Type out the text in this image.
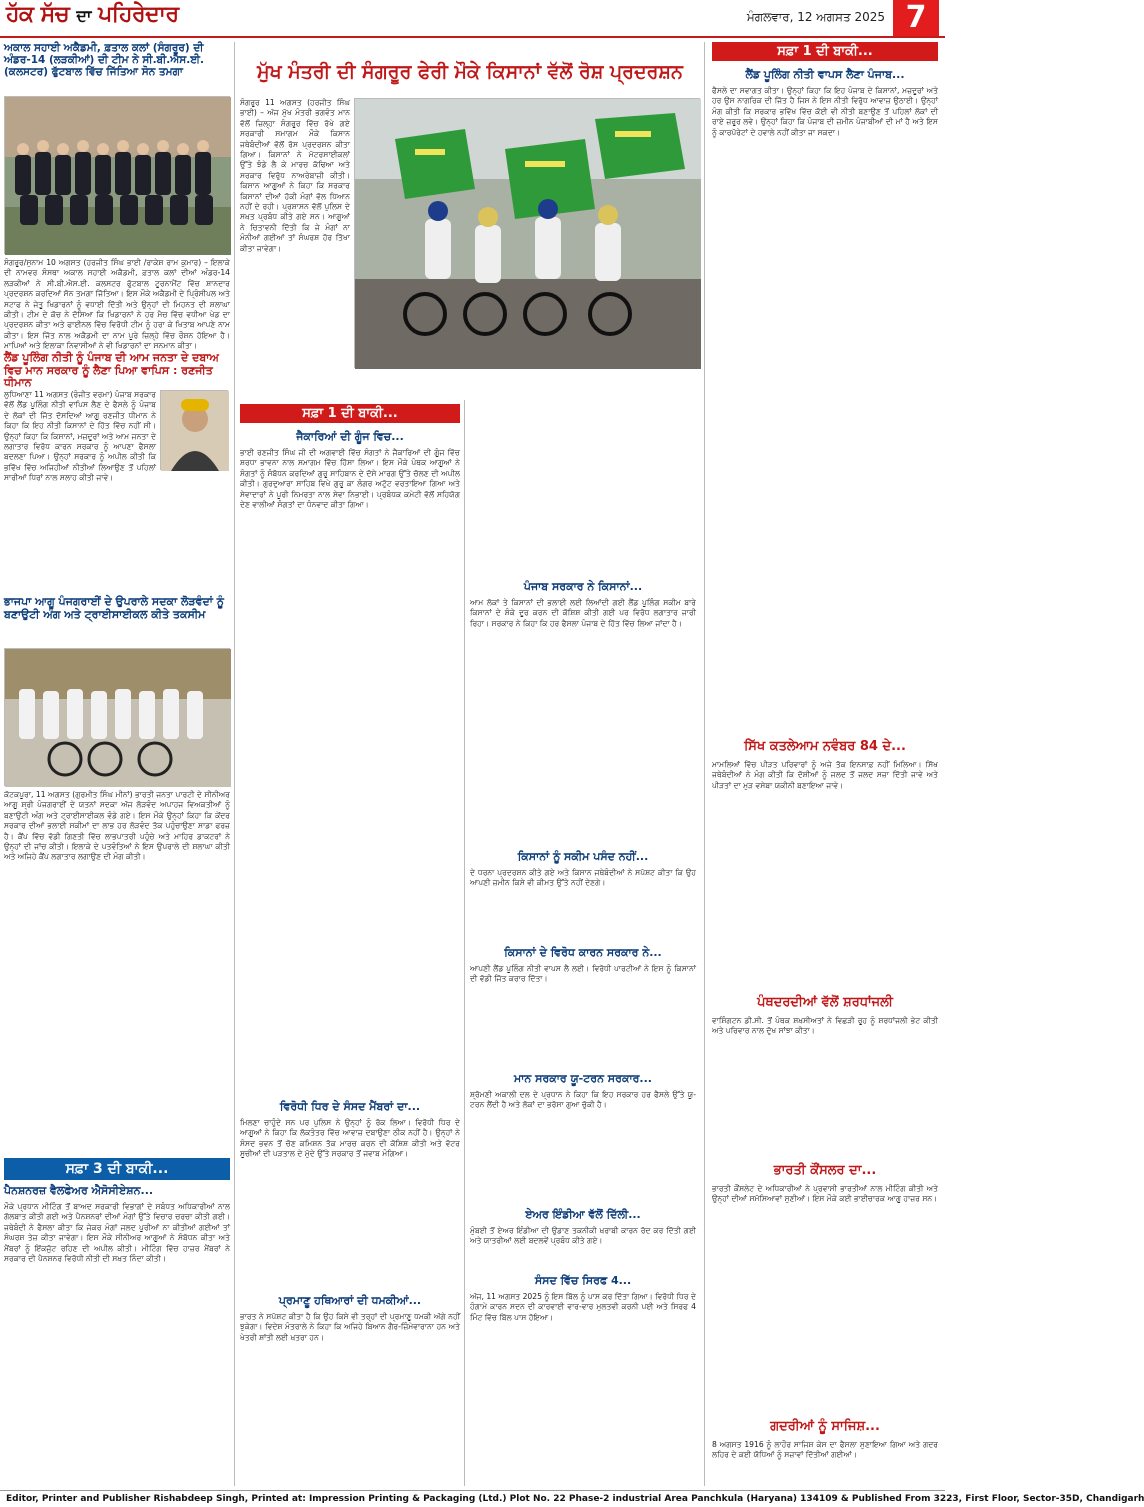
ਹੱਕ ਸੱਚ ਦਾ ਪਹਿਰੇਦਾਰ	ਮੰਗਲਵਾਰ, 12 ਅਗਸਤ 2025 7
ਅਕਾਲ ਸਹਾਈ ਅਕੈਡਮੀ, ਫ਼ਤਾਲ ਕਲਾਂ (ਸੰਗਰੂਰ) ਦੀ ਅੰਡਰ-14 (ਲੜਕੀਆਂ) ਦੀ ਟੀਮ ਨੇ ਸੀ.ਬੀ.ਐਸ.ਈ. (ਕਲਸਟਰ) ਫੁੱਟਬਾਲ ਵਿੱਚ ਜਿੱਤਿਆ ਸੋਨ ਤਮਗਾ
ਸੰਗਰੂਰ/ਸੁਨਾਮ 10 ਅਗਸਤ (ਹਰਜੀਤ ਸਿੰਘ ਭਾਈ /ਰਾਕੇਸ਼ ਰਾਮ ਕੁਮਾਰ) – ਇਲਾਕੇ ਦੀ ਨਾਮਵਰ ਸੰਸਥਾ ਅਕਾਲ ਸਹਾਈ ਅਕੈਡਮੀ, ਫ਼ਤਾਲ ਕਲਾਂ ਦੀਆਂ ਅੰਡਰ-14 ਲੜਕੀਆਂ ਨੇ ਸੀ.ਬੀ.ਐਸ.ਈ. ਕਲਸਟਰ ਫੁੱਟਬਾਲ ਟੂਰਨਾਮੈਂਟ ਵਿੱਚ ਸ਼ਾਨਦਾਰ ਪ੍ਰਦਰਸ਼ਨ ਕਰਦਿਆਂ ਸੋਨ ਤਮਗਾ ਜਿੱਤਿਆ। ਇਸ ਮੌਕੇ ਅਕੈਡਮੀ ਦੇ ਪ੍ਰਿੰਸੀਪਲ ਅਤੇ ਸਟਾਫ ਨੇ ਜੇਤੂ ਖਿਡਾਰਨਾਂ ਨੂੰ ਵਧਾਈ ਦਿੱਤੀ ਅਤੇ ਉਨ੍ਹਾਂ ਦੀ ਮਿਹਨਤ ਦੀ ਸ਼ਲਾਘਾ ਕੀਤੀ। ਟੀਮ ਦੇ ਕੋਚ ਨੇ ਦੱਸਿਆ ਕਿ ਖਿਡਾਰਨਾਂ ਨੇ ਹਰ ਮੈਚ ਵਿੱਚ ਵਧੀਆ ਖੇਡ ਦਾ ਪ੍ਰਦਰਸ਼ਨ ਕੀਤਾ ਅਤੇ ਫਾਈਨਲ ਵਿੱਚ ਵਿਰੋਧੀ ਟੀਮ ਨੂੰ ਹਰਾ ਕੇ ਖਿਤਾਬ ਆਪਣੇ ਨਾਮ ਕੀਤਾ। ਇਸ ਜਿੱਤ ਨਾਲ ਅਕੈਡਮੀ ਦਾ ਨਾਮ ਪੂਰੇ ਜ਼ਿਲ੍ਹੇ ਵਿੱਚ ਰੌਸ਼ਨ ਹੋਇਆ ਹੈ। ਮਾਪਿਆਂ ਅਤੇ ਇਲਾਕਾ ਨਿਵਾਸੀਆਂ ਨੇ ਵੀ ਖਿਡਾਰਨਾਂ ਦਾ ਸਨਮਾਨ ਕੀਤਾ।
ਲੈਂਡ ਪੂਲਿੰਗ ਨੀਤੀ ਨੂੰ ਪੰਜਾਬ ਦੀ ਆਮ ਜਨਤਾ ਦੇ ਦਬਾਅ ਵਿਚ ਮਾਨ ਸਰਕਾਰ ਨੂੰ ਲੈਣਾ ਪਿਆ ਵਾਪਿਸ : ਰਣਜੀਤ ਧੀਮਾਨ
ਲੁਧਿਆਣਾ 11 ਅਗਸਤ (ਰੰਜੀਤ ਵਰਮਾ) ਪੰਜਾਬ ਸਰਕਾਰ ਵੱਲੋਂ ਲੈਂਡ ਪੂਲਿੰਗ ਨੀਤੀ ਵਾਪਿਸ ਲੈਣ ਦੇ ਫੈਸਲੇ ਨੂੰ ਪੰਜਾਬ ਦੇ ਲੋਕਾਂ ਦੀ ਜਿੱਤ ਦੱਸਦਿਆਂ ਆਗੂ ਰਣਜੀਤ ਧੀਮਾਨ ਨੇ ਕਿਹਾ ਕਿ ਇਹ ਨੀਤੀ ਕਿਸਾਨਾਂ ਦੇ ਹਿੱਤ ਵਿੱਚ ਨਹੀਂ ਸੀ। ਉਨ੍ਹਾਂ ਕਿਹਾ ਕਿ ਕਿਸਾਨਾਂ, ਮਜ਼ਦੂਰਾਂ ਅਤੇ ਆਮ ਜਨਤਾ ਦੇ ਲਗਾਤਾਰ ਵਿਰੋਧ ਕਾਰਨ ਸਰਕਾਰ ਨੂੰ ਆਪਣਾ ਫੈਸਲਾ ਬਦਲਣਾ ਪਿਆ। ਉਨ੍ਹਾਂ ਸਰਕਾਰ ਨੂੰ ਅਪੀਲ ਕੀਤੀ ਕਿ ਭਵਿੱਖ ਵਿੱਚ ਅਜਿਹੀਆਂ ਨੀਤੀਆਂ ਲਿਆਉਣ ਤੋਂ ਪਹਿਲਾਂ ਸਾਰੀਆਂ ਧਿਰਾਂ ਨਾਲ ਸਲਾਹ ਕੀਤੀ ਜਾਵੇ।
ਭਾਜਪਾ ਆਗੂ ਪੰਜਗਰਾਈਂ ਦੇ ਉਪਰਾਲੇ ਸਦਕਾ ਲੋੜਵੰਦਾਂ ਨੂੰ ਬਣਾਉਟੀ ਅੰਗ ਅਤੇ ਟ੍ਰਾਈਸਾਈਕਲ ਕੀਤੇ ਤਕਸੀਮ
ਕੋਟਕਪੂਰਾ, 11 ਅਗਸਤ (ਗੁਰਮੀਤ ਸਿੰਘ ਮੀਨਾਂ) ਭਾਰਤੀ ਜਨਤਾ ਪਾਰਟੀ ਦੇ ਸੀਨੀਅਰ ਆਗੂ ਸ਼੍ਰੀ ਪੰਜਗਰਾਈਂ ਦੇ ਯਤਨਾਂ ਸਦਕਾ ਅੱਜ ਲੋੜਵੰਦ ਅਪਾਹਜ ਵਿਅਕਤੀਆਂ ਨੂੰ ਬਣਾਉਟੀ ਅੰਗ ਅਤੇ ਟ੍ਰਾਈਸਾਈਕਲ ਵੰਡੇ ਗਏ। ਇਸ ਮੌਕੇ ਉਨ੍ਹਾਂ ਕਿਹਾ ਕਿ ਕੇਂਦਰ ਸਰਕਾਰ ਦੀਆਂ ਭਲਾਈ ਸਕੀਮਾਂ ਦਾ ਲਾਭ ਹਰ ਲੋੜਵੰਦ ਤੱਕ ਪਹੁੰਚਾਉਣਾ ਸਾਡਾ ਫਰਜ਼ ਹੈ। ਕੈਂਪ ਵਿੱਚ ਵੱਡੀ ਗਿਣਤੀ ਵਿੱਚ ਲਾਭਪਾਤਰੀ ਪਹੁੰਚੇ ਅਤੇ ਮਾਹਿਰ ਡਾਕਟਰਾਂ ਨੇ ਉਨ੍ਹਾਂ ਦੀ ਜਾਂਚ ਕੀਤੀ। ਇਲਾਕੇ ਦੇ ਪਤਵੰਤਿਆਂ ਨੇ ਇਸ ਉਪਰਾਲੇ ਦੀ ਸ਼ਲਾਘਾ ਕੀਤੀ ਅਤੇ ਅਜਿਹੇ ਕੈਂਪ ਲਗਾਤਾਰ ਲਗਾਉਣ ਦੀ ਮੰਗ ਕੀਤੀ।
ਸਫ਼ਾ 3 ਦੀ ਬਾਕੀ...
ਪੈਨਸ਼ਨਰਜ਼ ਵੈਲਫੇਅਰ ਐਸੋਸੀਏਸ਼ਨ...
ਮੌਕੇ ਪ੍ਰਧਾਨ ਮੀਟਿੰਗ ਤੋਂ ਬਾਅਦ ਸਰਕਾਰੀ ਵਿਭਾਗਾਂ ਦੇ ਸਬੰਧਤ ਅਧਿਕਾਰੀਆਂ ਨਾਲ ਗੱਲਬਾਤ ਕੀਤੀ ਗਈ ਅਤੇ ਪੈਨਸ਼ਨਰਾਂ ਦੀਆਂ ਮੰਗਾਂ ਉੱਤੇ ਵਿਚਾਰ ਚਰਚਾ ਕੀਤੀ ਗਈ। ਜਥੇਬੰਦੀ ਨੇ ਫੈਸਲਾ ਕੀਤਾ ਕਿ ਜੇਕਰ ਮੰਗਾਂ ਜਲਦ ਪੂਰੀਆਂ ਨਾ ਕੀਤੀਆਂ ਗਈਆਂ ਤਾਂ ਸੰਘਰਸ਼ ਤੇਜ਼ ਕੀਤਾ ਜਾਵੇਗਾ। ਇਸ ਮੌਕੇ ਸੀਨੀਅਰ ਆਗੂਆਂ ਨੇ ਸੰਬੋਧਨ ਕੀਤਾ ਅਤੇ ਮੈਂਬਰਾਂ ਨੂੰ ਇੱਕਜੁੱਟ ਰਹਿਣ ਦੀ ਅਪੀਲ ਕੀਤੀ। ਮੀਟਿੰਗ ਵਿੱਚ ਹਾਜ਼ਰ ਮੈਂਬਰਾਂ ਨੇ ਸਰਕਾਰ ਦੀ ਪੈਨਸ਼ਨਰ ਵਿਰੋਧੀ ਨੀਤੀ ਦੀ ਸਖ਼ਤ ਨਿੰਦਾ ਕੀਤੀ।
ਮੁੱਖ ਮੰਤਰੀ ਦੀ ਸੰਗਰੂਰ ਫੇਰੀ ਮੌਕੇ ਕਿਸਾਨਾਂ ਵੱਲੋਂ ਰੋਸ਼ ਪ੍ਰਦਰਸ਼ਨ
ਸੰਗਰੂਰ 11 ਅਗਸਤ (ਹਰਜੀਤ ਸਿੰਘ ਭਾਈ) – ਅੱਜ ਮੁੱਖ ਮੰਤਰੀ ਭਗਵੰਤ ਮਾਨ ਵੱਲੋਂ ਜ਼ਿਲ੍ਹਾ ਸੰਗਰੂਰ ਵਿੱਚ ਰੱਖੇ ਗਏ ਸਰਕਾਰੀ ਸਮਾਗਮ ਮੌਕੇ ਕਿਸਾਨ ਜਥੇਬੰਦੀਆਂ ਵੱਲੋਂ ਰੋਸ ਪ੍ਰਦਰਸ਼ਨ ਕੀਤਾ ਗਿਆ। ਕਿਸਾਨਾਂ ਨੇ ਮੋਟਰਸਾਈਕਲਾਂ ਉੱਤੇ ਝੰਡੇ ਲੈ ਕੇ ਮਾਰਚ ਕੱਢਿਆ ਅਤੇ ਸਰਕਾਰ ਵਿਰੁੱਧ ਨਾਅਰੇਬਾਜ਼ੀ ਕੀਤੀ। ਕਿਸਾਨ ਆਗੂਆਂ ਨੇ ਕਿਹਾ ਕਿ ਸਰਕਾਰ ਕਿਸਾਨਾਂ ਦੀਆਂ ਹੱਕੀ ਮੰਗਾਂ ਵੱਲ ਧਿਆਨ ਨਹੀਂ ਦੇ ਰਹੀ। ਪ੍ਰਸ਼ਾਸਨ ਵੱਲੋਂ ਪੁਲਿਸ ਦੇ ਸਖ਼ਤ ਪ੍ਰਬੰਧ ਕੀਤੇ ਗਏ ਸਨ। ਆਗੂਆਂ ਨੇ ਚਿਤਾਵਨੀ ਦਿੱਤੀ ਕਿ ਜੇ ਮੰਗਾਂ ਨਾ ਮੰਨੀਆਂ ਗਈਆਂ ਤਾਂ ਸੰਘਰਸ਼ ਹੋਰ ਤਿੱਖਾ ਕੀਤਾ ਜਾਵੇਗਾ।
ਸਫ਼ਾ 1 ਦੀ ਬਾਕੀ...
ਜੈਕਾਰਿਆਂ ਦੀ ਗੂੰਜ ਵਿਚ...
ਭਾਈ ਰਣਜੀਤ ਸਿੰਘ ਜੀ ਦੀ ਅਗਵਾਈ ਵਿੱਚ ਸੰਗਤਾਂ ਨੇ ਜੈਕਾਰਿਆਂ ਦੀ ਗੂੰਜ ਵਿੱਚ ਸ਼ਰਧਾ ਭਾਵਨਾ ਨਾਲ ਸਮਾਗਮ ਵਿੱਚ ਹਿੱਸਾ ਲਿਆ। ਇਸ ਮੌਕੇ ਪੰਥਕ ਆਗੂਆਂ ਨੇ ਸੰਗਤਾਂ ਨੂੰ ਸੰਬੋਧਨ ਕਰਦਿਆਂ ਗੁਰੂ ਸਾਹਿਬਾਨ ਦੇ ਦੱਸੇ ਮਾਰਗ ਉੱਤੇ ਚੱਲਣ ਦੀ ਅਪੀਲ ਕੀਤੀ। ਗੁਰਦੁਆਰਾ ਸਾਹਿਬ ਵਿਖੇ ਗੁਰੂ ਕਾ ਲੰਗਰ ਅਟੁੱਟ ਵਰਤਾਇਆ ਗਿਆ ਅਤੇ ਸੇਵਾਦਾਰਾਂ ਨੇ ਪੂਰੀ ਨਿਮਰਤਾ ਨਾਲ ਸੇਵਾ ਨਿਭਾਈ। ਪ੍ਰਬੰਧਕ ਕਮੇਟੀ ਵੱਲੋਂ ਸਹਿਯੋਗ ਦੇਣ ਵਾਲੀਆਂ ਸੰਗਤਾਂ ਦਾ ਧੰਨਵਾਦ ਕੀਤਾ ਗਿਆ।
ਵਿਰੋਧੀ ਧਿਰ ਦੇ ਸੰਸਦ ਮੈਂਬਰਾਂ ਦਾ...
ਮਿਲਣਾ ਚਾਹੁੰਦੇ ਸਨ ਪਰ ਪੁਲਿਸ ਨੇ ਉਨ੍ਹਾਂ ਨੂੰ ਰੋਕ ਲਿਆ। ਵਿਰੋਧੀ ਧਿਰ ਦੇ ਆਗੂਆਂ ਨੇ ਕਿਹਾ ਕਿ ਲੋਕਤੰਤਰ ਵਿੱਚ ਆਵਾਜ਼ ਦਬਾਉਣਾ ਠੀਕ ਨਹੀਂ ਹੈ। ਉਨ੍ਹਾਂ ਨੇ ਸੰਸਦ ਭਵਨ ਤੋਂ ਚੋਣ ਕਮਿਸ਼ਨ ਤੱਕ ਮਾਰਚ ਕਰਨ ਦੀ ਕੋਸ਼ਿਸ਼ ਕੀਤੀ ਅਤੇ ਵੋਟਰ ਸੂਚੀਆਂ ਦੀ ਪੜਤਾਲ ਦੇ ਮੁੱਦੇ ਉੱਤੇ ਸਰਕਾਰ ਤੋਂ ਜਵਾਬ ਮੰਗਿਆ।
ਪ੍ਰਮਾਣੂ ਹਥਿਆਰਾਂ ਦੀ ਧਮਕੀਆਂ...
ਭਾਰਤ ਨੇ ਸਪੱਸ਼ਟ ਕੀਤਾ ਹੈ ਕਿ ਉਹ ਕਿਸੇ ਵੀ ਤਰ੍ਹਾਂ ਦੀ ਪ੍ਰਮਾਣੂ ਧਮਕੀ ਅੱਗੇ ਨਹੀਂ ਝੁਕੇਗਾ। ਵਿਦੇਸ਼ ਮੰਤਰਾਲੇ ਨੇ ਕਿਹਾ ਕਿ ਅਜਿਹੇ ਬਿਆਨ ਗੈਰ-ਜ਼ਿੰਮੇਵਾਰਾਨਾ ਹਨ ਅਤੇ ਖੇਤਰੀ ਸ਼ਾਂਤੀ ਲਈ ਖ਼ਤਰਾ ਹਨ।
ਪੰਜਾਬ ਸਰਕਾਰ ਨੇ ਕਿਸਾਨਾਂ...
ਆਮ ਲੋਕਾਂ ਤੇ ਕਿਸਾਨਾਂ ਦੀ ਭਲਾਈ ਲਈ ਲਿਆਂਦੀ ਗਈ ਲੈਂਡ ਪੂਲਿੰਗ ਸਕੀਮ ਬਾਰੇ ਕਿਸਾਨਾਂ ਦੇ ਸ਼ੰਕੇ ਦੂਰ ਕਰਨ ਦੀ ਕੋਸ਼ਿਸ਼ ਕੀਤੀ ਗਈ ਪਰ ਵਿਰੋਧ ਲਗਾਤਾਰ ਜਾਰੀ ਰਿਹਾ। ਸਰਕਾਰ ਨੇ ਕਿਹਾ ਕਿ ਹਰ ਫੈਸਲਾ ਪੰਜਾਬ ਦੇ ਹਿੱਤ ਵਿੱਚ ਲਿਆ ਜਾਂਦਾ ਹੈ।
ਕਿਸਾਨਾਂ ਨੂੰ ਸਕੀਮ ਪਸੰਦ ਨਹੀਂ...
ਦੇ ਧਰਨਾ ਪ੍ਰਦਰਸ਼ਨ ਕੀਤੇ ਗਏ ਅਤੇ ਕਿਸਾਨ ਜਥੇਬੰਦੀਆਂ ਨੇ ਸਪੱਸ਼ਟ ਕੀਤਾ ਕਿ ਉਹ ਆਪਣੀ ਜ਼ਮੀਨ ਕਿਸੇ ਵੀ ਕੀਮਤ ਉੱਤੇ ਨਹੀਂ ਦੇਣਗੇ।
ਕਿਸਾਨਾਂ ਦੇ ਵਿਰੋਧ ਕਾਰਨ ਸਰਕਾਰ ਨੇ...
ਆਪਣੀ ਲੈਂਡ ਪੂਲਿੰਗ ਨੀਤੀ ਵਾਪਸ ਲੈ ਲਈ। ਵਿਰੋਧੀ ਪਾਰਟੀਆਂ ਨੇ ਇਸ ਨੂੰ ਕਿਸਾਨਾਂ ਦੀ ਵੱਡੀ ਜਿੱਤ ਕਰਾਰ ਦਿੱਤਾ।
ਮਾਨ ਸਰਕਾਰ ਯੂ-ਟਰਨ ਸਰਕਾਰ...
ਸ਼੍ਰੋਮਣੀ ਅਕਾਲੀ ਦਲ ਦੇ ਪ੍ਰਧਾਨ ਨੇ ਕਿਹਾ ਕਿ ਇਹ ਸਰਕਾਰ ਹਰ ਫੈਸਲੇ ਉੱਤੇ ਯੂ-ਟਰਨ ਲੈਂਦੀ ਹੈ ਅਤੇ ਲੋਕਾਂ ਦਾ ਭਰੋਸਾ ਗੁਆ ਚੁੱਕੀ ਹੈ।
ਏਅਰ ਇੰਡੀਆ ਵੱਲੋਂ ਦਿੱਲੀ...
ਮੁੰਬਈ ਤੋਂ ਏਅਰ ਇੰਡੀਆ ਦੀ ਉਡਾਣ ਤਕਨੀਕੀ ਖ਼ਰਾਬੀ ਕਾਰਨ ਰੱਦ ਕਰ ਦਿੱਤੀ ਗਈ ਅਤੇ ਯਾਤਰੀਆਂ ਲਈ ਬਦਲਵੇਂ ਪ੍ਰਬੰਧ ਕੀਤੇ ਗਏ।
ਸੰਸਦ ਵਿੱਚ ਸਿਰਫ 4...
ਅੱਜ, 11 ਅਗਸਤ 2025 ਨੂੰ ਇਸ ਬਿੱਲ ਨੂੰ ਪਾਸ ਕਰ ਦਿੱਤਾ ਗਿਆ। ਵਿਰੋਧੀ ਧਿਰ ਦੇ ਹੰਗਾਮੇ ਕਾਰਨ ਸਦਨ ਦੀ ਕਾਰਵਾਈ ਵਾਰ-ਵਾਰ ਮੁਲਤਵੀ ਕਰਨੀ ਪਈ ਅਤੇ ਸਿਰਫ 4 ਮਿੰਟ ਵਿੱਚ ਬਿੱਲ ਪਾਸ ਹੋਇਆ।
ਸਫ਼ਾ 1 ਦੀ ਬਾਕੀ...
ਲੈਂਡ ਪੂਲਿੰਗ ਨੀਤੀ ਵਾਪਸ ਲੈਣਾ ਪੰਜਾਬ...
ਫੈਸਲੇ ਦਾ ਸਵਾਗਤ ਕੀਤਾ। ਉਨ੍ਹਾਂ ਕਿਹਾ ਕਿ ਇਹ ਪੰਜਾਬ ਦੇ ਕਿਸਾਨਾਂ, ਮਜ਼ਦੂਰਾਂ ਅਤੇ ਹਰ ਉਸ ਨਾਗਰਿਕ ਦੀ ਜਿੱਤ ਹੈ ਜਿਸ ਨੇ ਇਸ ਨੀਤੀ ਵਿਰੁੱਧ ਆਵਾਜ਼ ਉਠਾਈ। ਉਨ੍ਹਾਂ ਮੰਗ ਕੀਤੀ ਕਿ ਸਰਕਾਰ ਭਵਿੱਖ ਵਿੱਚ ਕੋਈ ਵੀ ਨੀਤੀ ਬਣਾਉਣ ਤੋਂ ਪਹਿਲਾਂ ਲੋਕਾਂ ਦੀ ਰਾਏ ਜ਼ਰੂਰ ਲਵੇ। ਉਨ੍ਹਾਂ ਕਿਹਾ ਕਿ ਪੰਜਾਬ ਦੀ ਜ਼ਮੀਨ ਪੰਜਾਬੀਆਂ ਦੀ ਮਾਂ ਹੈ ਅਤੇ ਇਸ ਨੂੰ ਕਾਰਪੋਰੇਟਾਂ ਦੇ ਹਵਾਲੇ ਨਹੀਂ ਕੀਤਾ ਜਾ ਸਕਦਾ।
ਸਿੱਖ ਕਤਲੇਆਮ ਨਵੰਬਰ 84 ਦੇ...
ਮਾਮਲਿਆਂ ਵਿੱਚ ਪੀੜਤ ਪਰਿਵਾਰਾਂ ਨੂੰ ਅਜੇ ਤੱਕ ਇਨਸਾਫ਼ ਨਹੀਂ ਮਿਲਿਆ। ਸਿੱਖ ਜਥੇਬੰਦੀਆਂ ਨੇ ਮੰਗ ਕੀਤੀ ਕਿ ਦੋਸ਼ੀਆਂ ਨੂੰ ਜਲਦ ਤੋਂ ਜਲਦ ਸਜ਼ਾ ਦਿੱਤੀ ਜਾਵੇ ਅਤੇ ਪੀੜਤਾਂ ਦਾ ਮੁੜ ਵਸੇਬਾ ਯਕੀਨੀ ਬਣਾਇਆ ਜਾਵੇ।
ਪੰਥਦਰਦੀਆਂ ਵੱਲੋਂ ਸ਼ਰਧਾਂਜਲੀ
ਵਾਸ਼ਿੰਗਟਨ ਡੀ.ਸੀ. ਤੋਂ ਪੰਥਕ ਸ਼ਖ਼ਸੀਅਤਾਂ ਨੇ ਵਿਛੜੀ ਰੂਹ ਨੂੰ ਸ਼ਰਧਾਂਜਲੀ ਭੇਟ ਕੀਤੀ ਅਤੇ ਪਰਿਵਾਰ ਨਾਲ ਦੁੱਖ ਸਾਂਝਾ ਕੀਤਾ।
ਭਾਰਤੀ ਕੌਂਸਲਰ ਦਾ...
ਭਾਰਤੀ ਕੌਂਸਲੇਟ ਦੇ ਅਧਿਕਾਰੀਆਂ ਨੇ ਪ੍ਰਵਾਸੀ ਭਾਰਤੀਆਂ ਨਾਲ ਮੀਟਿੰਗ ਕੀਤੀ ਅਤੇ ਉਨ੍ਹਾਂ ਦੀਆਂ ਸਮੱਸਿਆਵਾਂ ਸੁਣੀਆਂ। ਇਸ ਮੌਕੇ ਕਈ ਭਾਈਚਾਰਕ ਆਗੂ ਹਾਜ਼ਰ ਸਨ।
ਗਦਰੀਆਂ ਨੂੰ ਸਾਜਿਸ਼...
8 ਅਗਸਤ 1916 ਨੂੰ ਲਾਹੌਰ ਸਾਜਿਸ਼ ਕੇਸ ਦਾ ਫੈਸਲਾ ਸੁਣਾਇਆ ਗਿਆ ਅਤੇ ਗਦਰ ਲਹਿਰ ਦੇ ਕਈ ਯੋਧਿਆਂ ਨੂੰ ਸਜ਼ਾਵਾਂ ਦਿੱਤੀਆਂ ਗਈਆਂ।
Editor, Printer and Publisher Rishabdeep Singh, Printed at: Impression Printing & Packaging (Ltd.) Plot No. 22 Phase-2 industrial Area Panchkula (Haryana) 134109 & Published From 3223, First Floor, Sector-35D, Chandigarh
